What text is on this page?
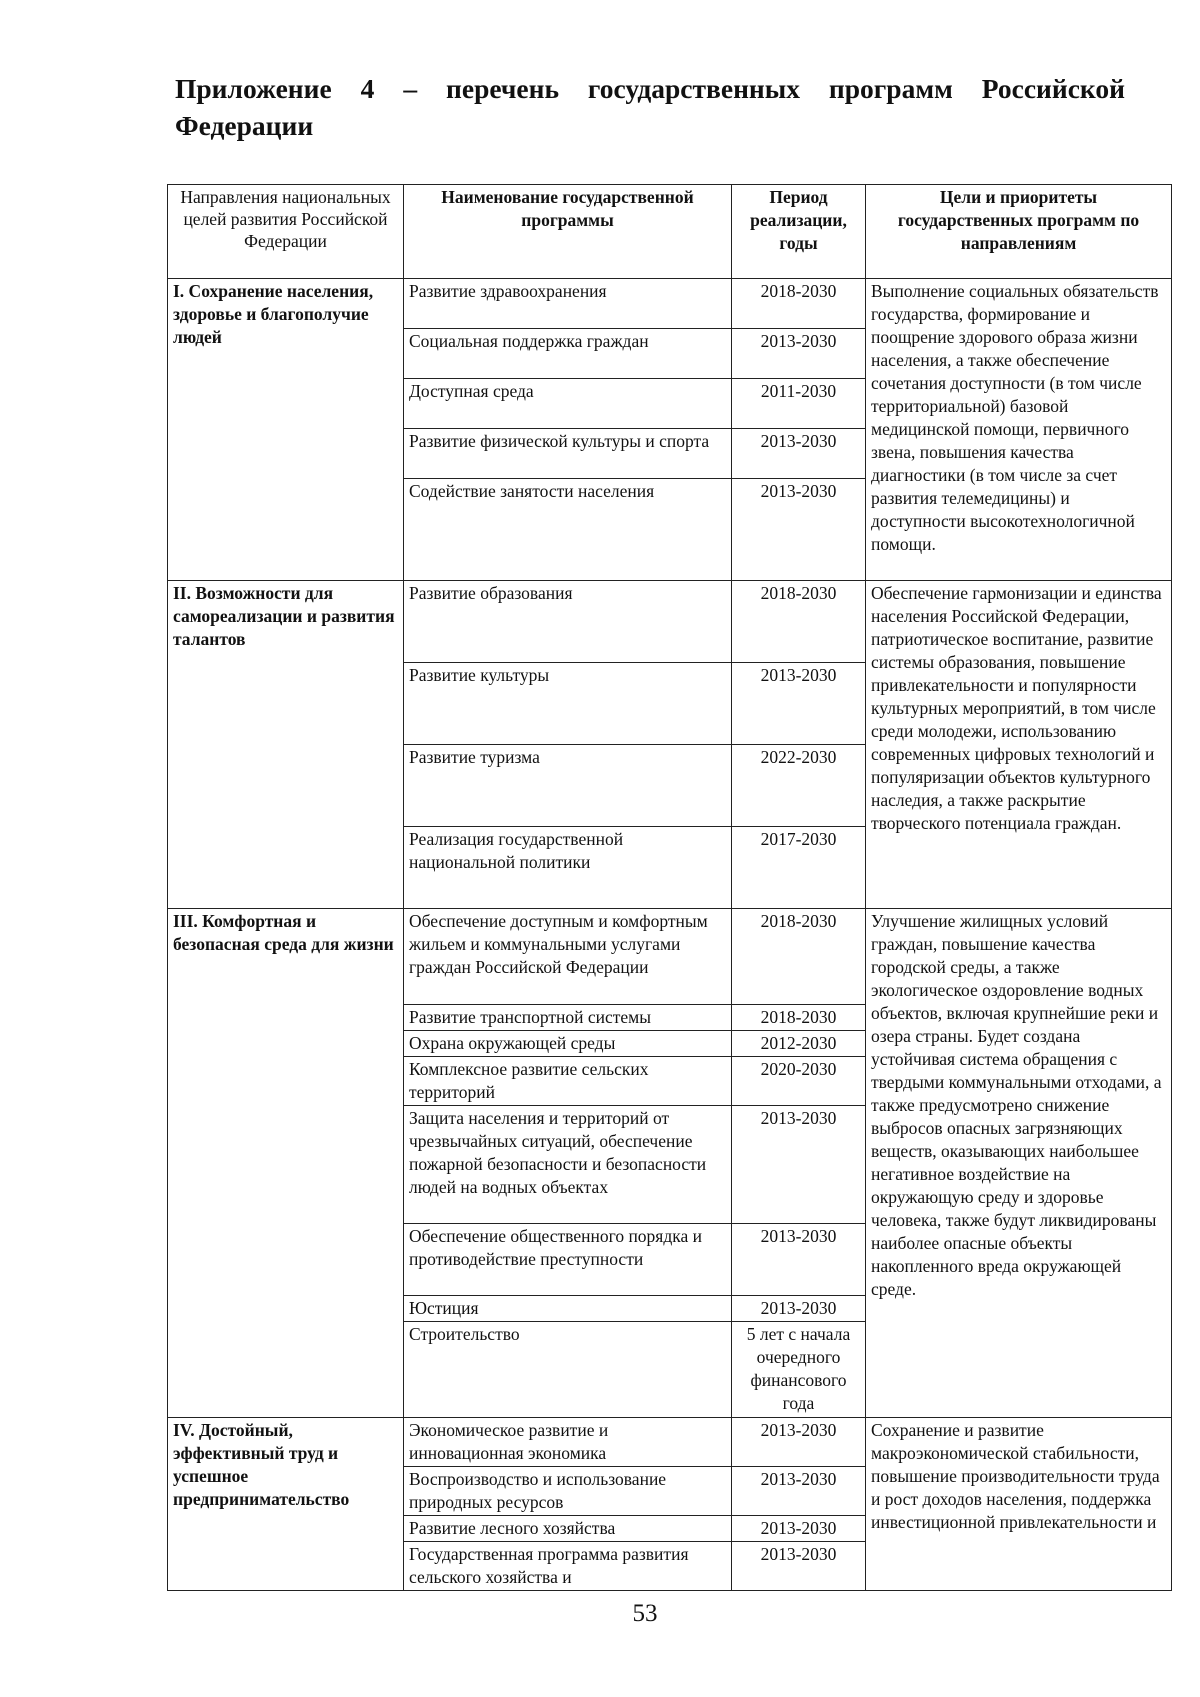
Приложение 4 – перечень государственных программ Российской
Федерации
Направления национальных целей развития Российской Федерации	Наименование государственной программы	Период реализации, годы	Цели и приоритеты государственных программ по направлениям
I. Сохранение населения, здоровье и благополучие людей	Развитие здравоохранения	2018-2030	Выполнение социальных обязательств государства, формирование и поощрение здорового образа жизни населения, а также обеспечение сочетания доступности (в том числе территориальной) базовой медицинской помощи, первичного звена, повышения качества диагностики (в том числе за счет развития телемедицины) и доступности высокотехнологичной помощи.
	Социальная поддержка граждан	2013-2030	
	Доступная среда	2011-2030	
	Развитие физической культуры и спорта	2013-2030	
	Содействие занятости населения	2013-2030	
II. Возможности для самореализации и развития талантов	Развитие образования	2018-2030	Обеспечение гармонизации и единства населения Российской Федерации, патриотическое воспитание, развитие системы образования, повышение привлекательности и популярности культурных мероприятий, в том числе среди молодежи, использованию современных цифровых технологий и популяризации объектов культурного наследия, а также раскрытие творческого потенциала граждан.
	Развитие культуры	2013-2030	
	Развитие туризма	2022-2030	
	Реализация государственной национальной политики	2017-2030	
III. Комфортная и безопасная среда для жизни	Обеспечение доступным и комфортным жильем и коммунальными услугами граждан Российской Федерации	2018-2030	Улучшение жилищных условий граждан, повышение качества городской среды, а также экологическое оздоровление водных объектов, включая крупнейшие реки и озера страны. Будет создана устойчивая система обращения с твердыми коммунальными отходами, а также предусмотрено снижение выбросов опасных загрязняющих веществ, оказывающих наибольшее негативное воздействие на окружающую среду и здоровье человека, также будут ликвидированы наиболее опасные объекты накопленного вреда окружающей среде.
	Развитие транспортной системы	2018-2030	
	Охрана окружающей среды	2012-2030	
	Комплексное развитие сельских территорий	2020-2030	
	Защита населения и территорий от чрезвычайных ситуаций, обеспечение пожарной безопасности и безопасности людей на водных объектах	2013-2030	
	Обеспечение общественного порядка и противодействие преступности	2013-2030	
	Юстиция	2013-2030	
	Строительство	5 лет с начала очередного финансового года	
IV. Достойный, эффективный труд и успешное предпринимательство	Экономическое развитие и инновационная экономика	2013-2030	Сохранение и развитие макроэкономической стабильности, повышение производительности труда и рост доходов населения, поддержка инвестиционной привлекательности и
	Воспроизводство и использование природных ресурсов	2013-2030	
	Развитие лесного хозяйства	2013-2030	
	Государственная программа развития сельского хозяйства и	2013-2030	
53
